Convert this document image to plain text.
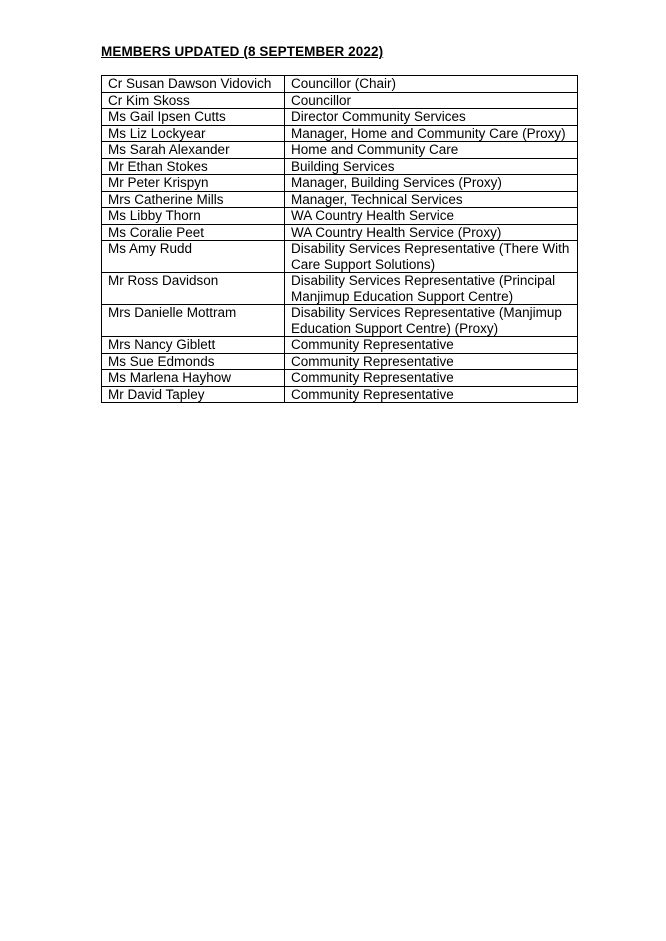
MEMBERS UPDATED (8 SEPTEMBER 2022)

Cr Susan Dawson Vidovich	Councillor (Chair)
Cr Kim Skoss	Councillor
Ms Gail Ipsen Cutts	Director Community Services
Ms Liz Lockyear	Manager, Home and Community Care (Proxy)
Ms Sarah Alexander	Home and Community Care
Mr Ethan Stokes	Building Services
Mr Peter Krispyn	Manager, Building Services (Proxy)
Mrs Catherine Mills	Manager, Technical Services
Ms Libby Thorn	WA Country Health Service
Ms Coralie Peet	WA Country Health Service (Proxy)
Ms Amy Rudd	Disability Services Representative (There With Care Support Solutions)
Mr Ross Davidson	Disability Services Representative (Principal Manjimup Education Support Centre)
Mrs Danielle Mottram	Disability Services Representative (Manjimup Education Support Centre) (Proxy)
Mrs Nancy Giblett	Community Representative
Ms Sue Edmonds	Community Representative
Ms Marlena Hayhow	Community Representative
Mr David Tapley	Community Representative
